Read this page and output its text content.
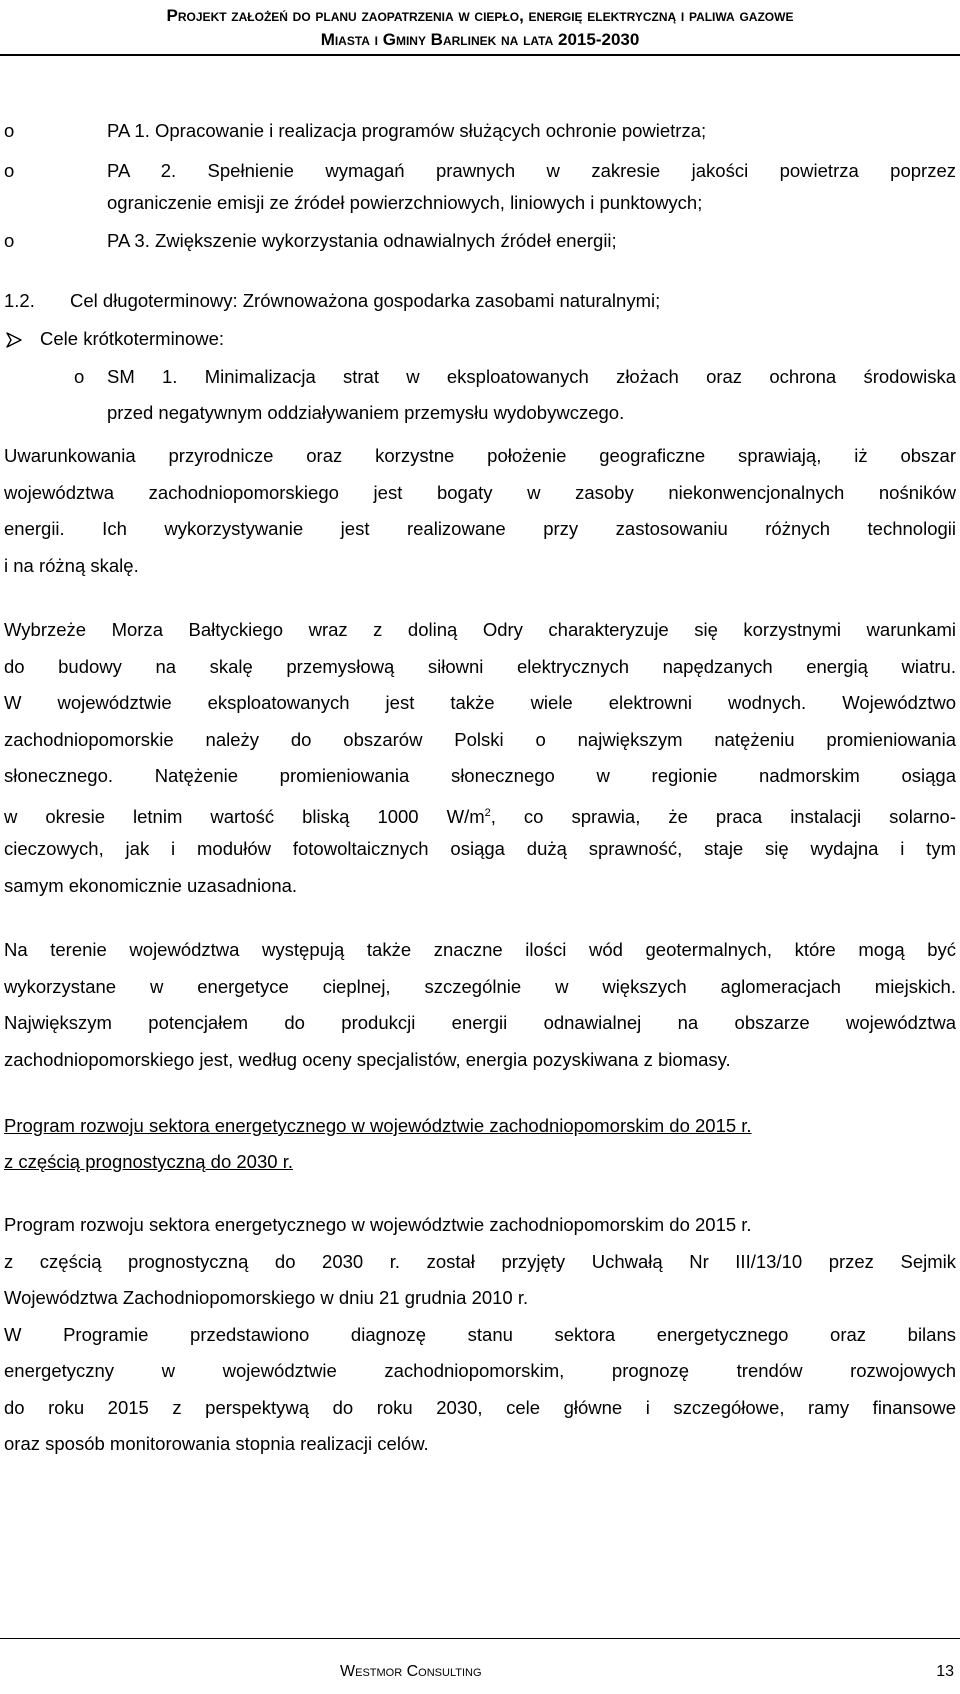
Projekt założeń do planu zaopatrzenia w ciepło, energię elektryczną i paliwa gazowe
Miasta i Gminy Barlinek na lata 2015-2030
o	PA 1. Opracowanie i realizacja programów służących ochronie powietrza;
o	PA 2. Spełnienie wymagań prawnych w zakresie jakości powietrza poprzez
ograniczenie emisji ze źródeł powierzchniowych, liniowych i punktowych;
o	PA 3. Zwiększenie wykorzystania odnawialnych źródeł energii;
1.2. Cel długoterminowy: Zrównoważona gospodarka zasobami naturalnymi;
Cele krótkoterminowe:
o	SM 1. Minimalizacja strat w eksploatowanych złożach oraz ochrona środowiska
przed negatywnym oddziaływaniem przemysłu wydobywczego.
Uwarunkowania przyrodnicze oraz korzystne położenie geograficzne sprawiają, iż obszar
województwa zachodniopomorskiego jest bogaty w zasoby niekonwencjonalnych nośników
energii. Ich wykorzystywanie jest realizowane przy zastosowaniu różnych technologii
i na różną skalę.
Wybrzeże Morza Bałtyckiego wraz z doliną Odry charakteryzuje się korzystnymi warunkami
do budowy na skalę przemysłową siłowni elektrycznych napędzanych energią wiatru.
W województwie eksploatowanych jest także wiele elektrowni wodnych. Województwo
zachodniopomorskie należy do obszarów Polski o największym natężeniu promieniowania
słonecznego. Natężenie promieniowania słonecznego w regionie nadmorskim osiąga
w okresie letnim wartość bliską 1000 $W/m^2$, co sprawia, że praca instalacji solarno-
cieczowych, jak i modułów fotowoltaicznych osiąga dużą sprawność, staje się wydajna i tym
samym ekonomicznie uzasadniona.
Na terenie województwa występują także znaczne ilości wód geotermalnych, które mogą być
wykorzystane w energetyce cieplnej, szczególnie w większych aglomeracjach miejskich.
Największym potencjałem do produkcji energii odnawialnej na obszarze województwa
zachodniopomorskiego jest, według oceny specjalistów, energia pozyskiwana z biomasy.
Program rozwoju sektora energetycznego w województwie zachodniopomorskim do 2015 r.
z częścią prognostyczną do 2030 r.
Program rozwoju sektora energetycznego w województwie zachodniopomorskim do 2015 r.
z częścią prognostyczną do 2030 r. został przyjęty Uchwałą Nr III/13/10 przez Sejmik
Województwa Zachodniopomorskiego w dniu 21 grudnia 2010 r.
W Programie przedstawiono diagnozę stanu sektora energetycznego oraz bilans
energetyczny w województwie zachodniopomorskim, prognozę trendów rozwojowych
do roku 2015 z perspektywą do roku 2030, cele główne i szczegółowe, ramy finansowe
oraz sposób monitorowania stopnia realizacji celów.
Westmor Consulting	13
